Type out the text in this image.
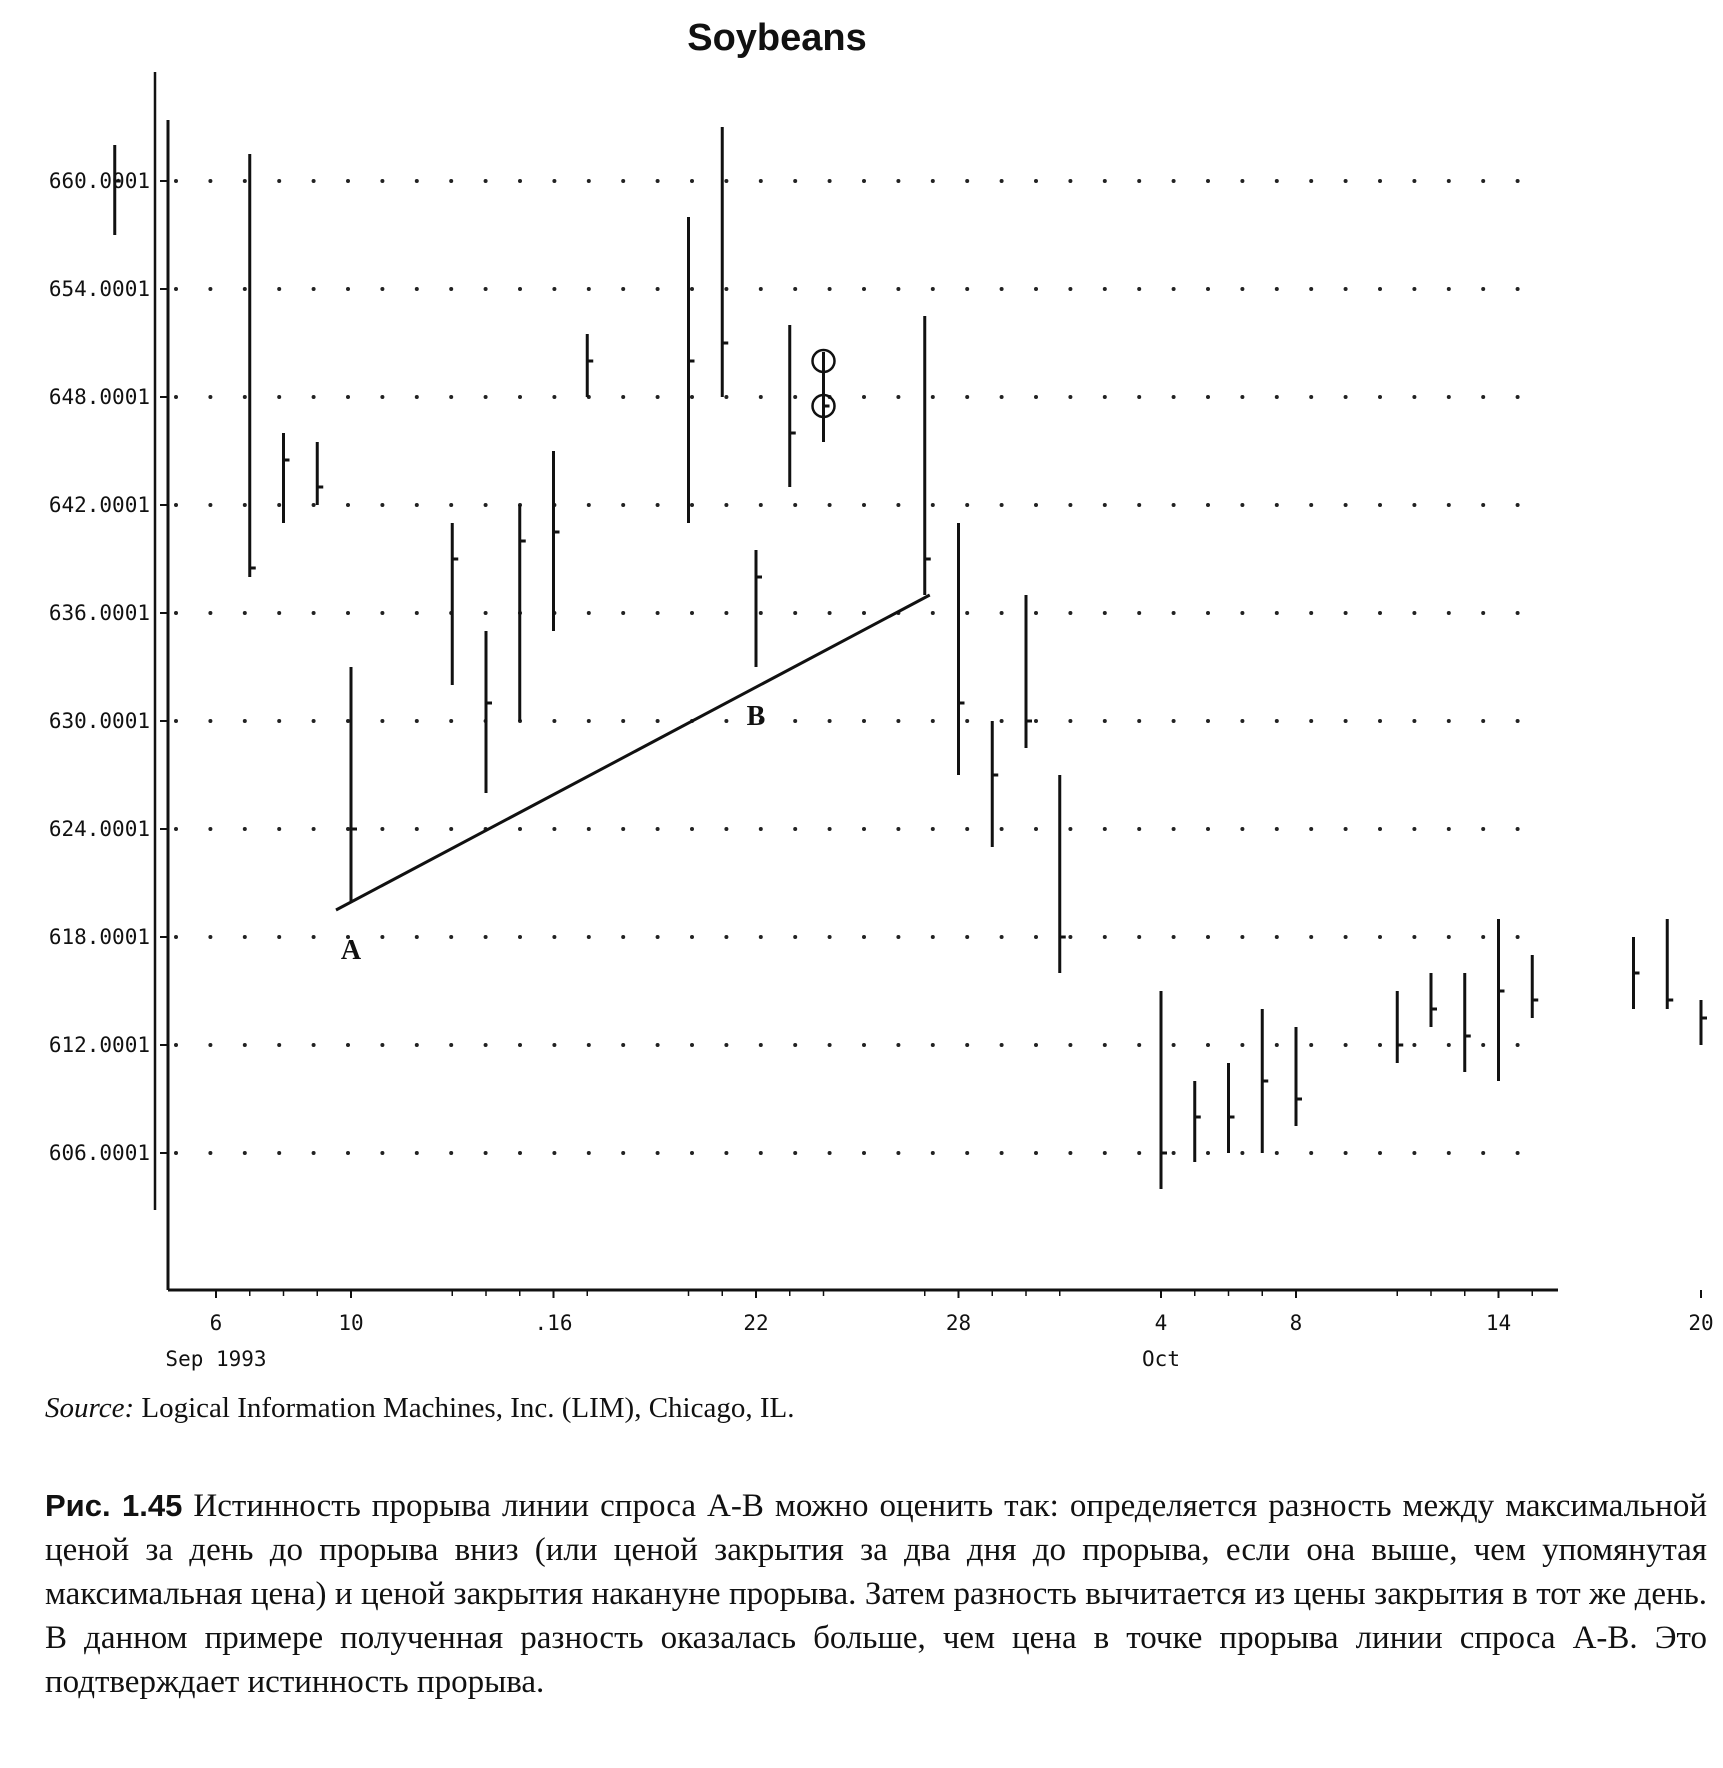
Soybeans
660.0001
654.0001
648.0001
642.0001
636.0001
630.0001
624.0001
618.0001
612.0001
606.0001
6	10	.16	22	28	4	8	14	20
Sep 1993	Oct
A
B
Source: Logical Information Machines, Inc. (LIM), Chicago, IL.
Рис. 1.45 Истинность прорыва линии спроса А-В можно оценить так: определяется разность между максимальной ценой за день до прорыва вниз (или ценой закрытия за два дня до прорыва, если она выше, чем упомянутая максимальная цена) и ценой закрытия накануне прорыва. Затем разность вычитается из цены закрытия в тот же день. В данном примере полученная разность оказалась больше, чем цена в точке прорыва линии спроса А-В. Это подтверждает истинность прорыва.
